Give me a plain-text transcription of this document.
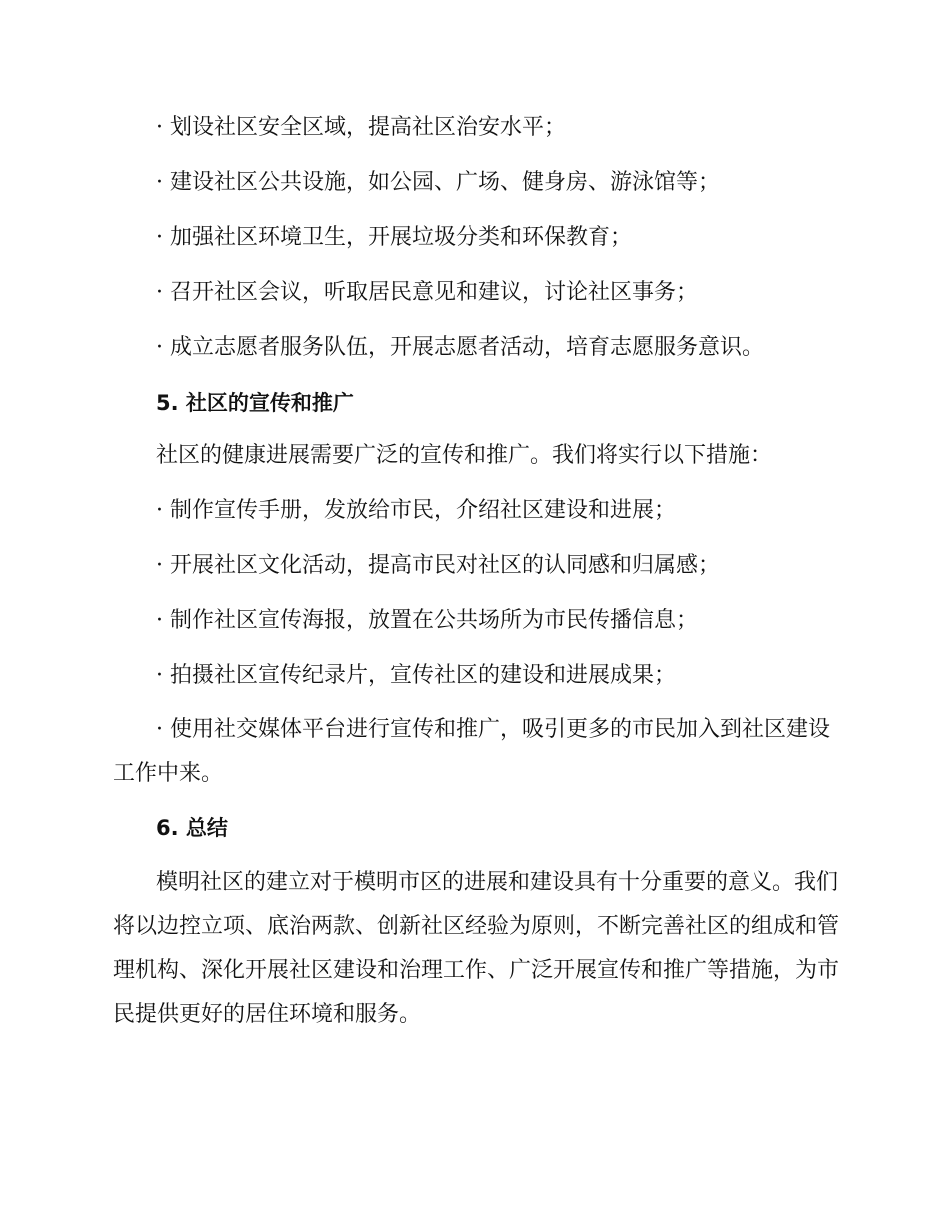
· 划设社区安全区域，提高社区治安水平；
· 建设社区公共设施，如公园、广场、健身房、游泳馆等；
· 加强社区环境卫生，开展垃圾分类和环保教育；
· 召开社区会议，听取居民意见和建议，讨论社区事务；
· 成立志愿者服务队伍，开展志愿者活动，培育志愿服务意识。
5. 社区的宣传和推广
社区的健康进展需要广泛的宣传和推广。我们将实行以下措施：
· 制作宣传手册，发放给市民，介绍社区建设和进展；
· 开展社区文化活动，提高市民对社区的认同感和归属感；
· 制作社区宣传海报，放置在公共场所为市民传播信息；
· 拍摄社区宣传纪录片，宣传社区的建设和进展成果；
· 使用社交媒体平台进行宣传和推广，吸引更多的市民加入到社区建设
工作中来。
6. 总结
模明社区的建立对于模明市区的进展和建设具有十分重要的意义。我们
将以边控立项、底治两款、创新社区经验为原则，不断完善社区的组成和管
理机构、深化开展社区建设和治理工作、广泛开展宣传和推广等措施，为市
民提供更好的居住环境和服务。
